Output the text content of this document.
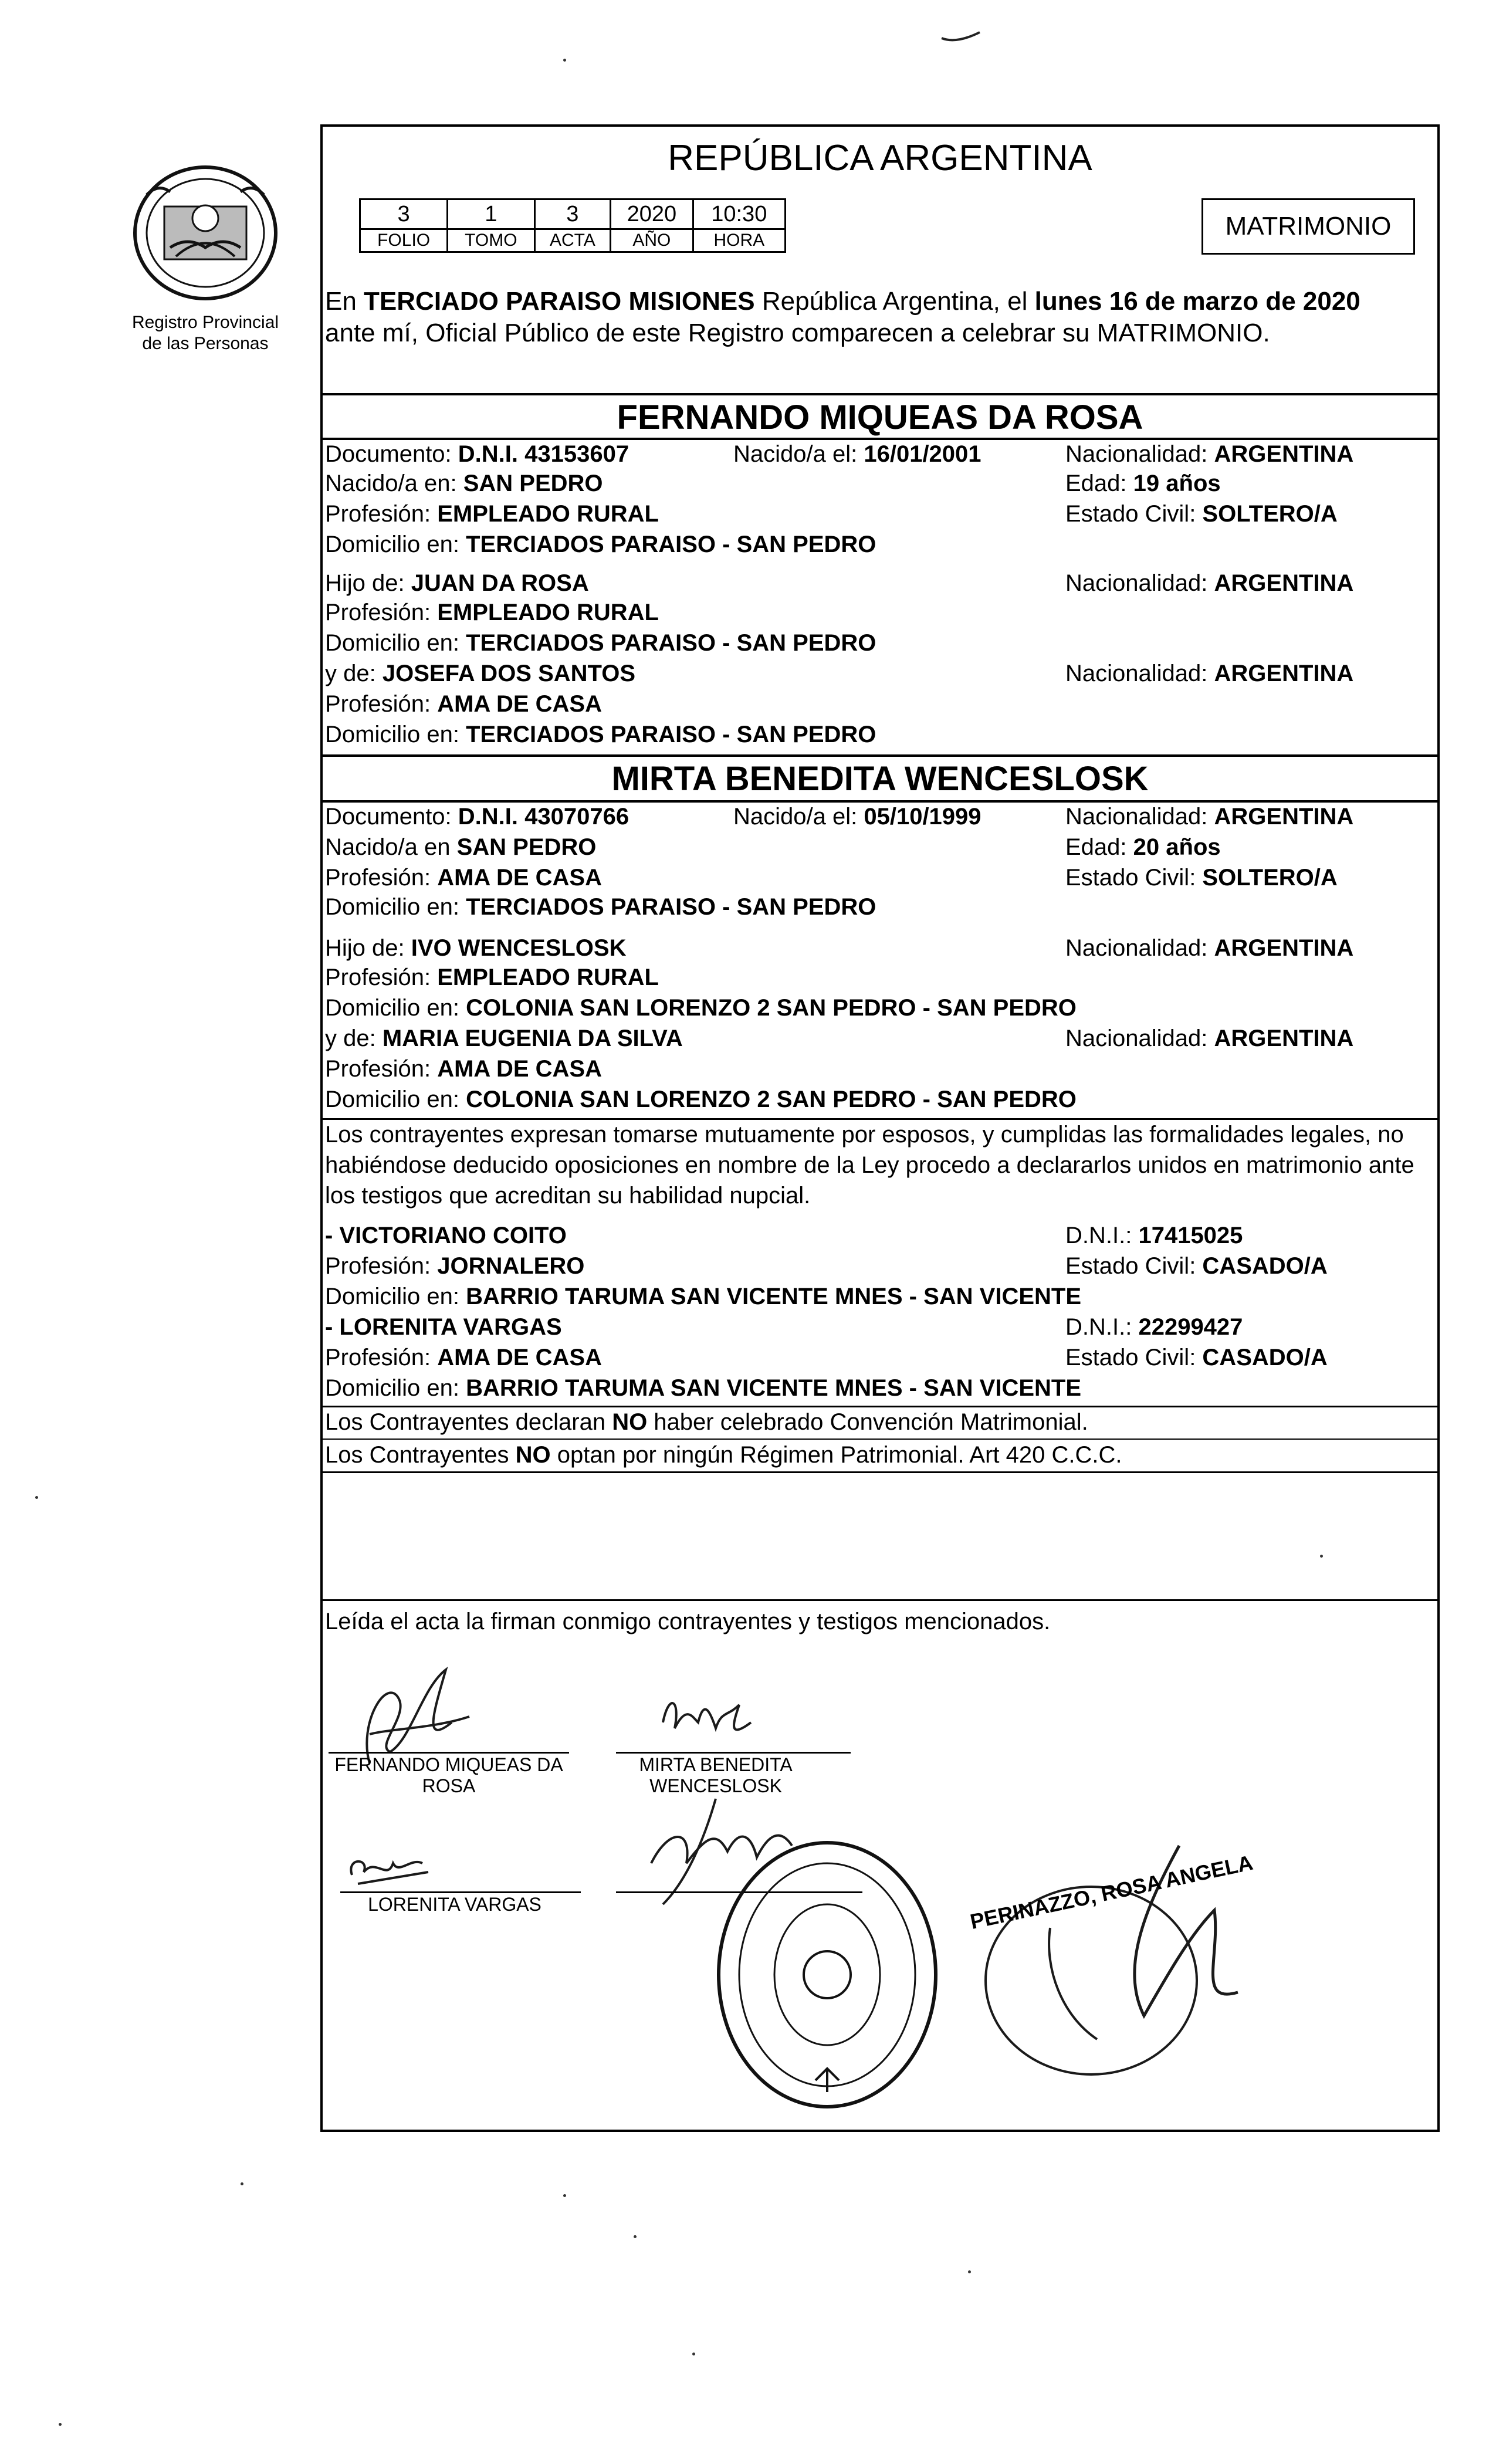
Registro Provincial
de las Personas
REPÚBLICA ARGENTINA
3	1	3	2020	10:30
FOLIO	TOMO	ACTA	AÑO	HORA	MATRIMONIO
En TERCIADO PARAISO MISIONES República Argentina, el lunes 16 de marzo de 2020
ante mí, Oficial Público de este Registro comparecen a celebrar su MATRIMONIO.
FERNANDO MIQUEAS DA ROSA
Documento: D.N.I. 43153607	Nacido/a el: 16/01/2001	Nacionalidad: ARGENTINA
Nacido/a en: SAN PEDRO	Edad: 19 años
Profesión: EMPLEADO RURAL	Estado Civil: SOLTERO/A
Domicilio en: TERCIADOS PARAISO - SAN PEDRO
Hijo de: JUAN DA ROSA	Nacionalidad: ARGENTINA
Profesión: EMPLEADO RURAL
Domicilio en: TERCIADOS PARAISO - SAN PEDRO
y de: JOSEFA DOS SANTOS	Nacionalidad: ARGENTINA
Profesión: AMA DE CASA
Domicilio en: TERCIADOS PARAISO - SAN PEDRO
MIRTA BENEDITA WENCESLOSK
Documento: D.N.I. 43070766	Nacido/a el: 05/10/1999	Nacionalidad: ARGENTINA
Nacido/a en SAN PEDRO	Edad: 20 años
Profesión: AMA DE CASA	Estado Civil: SOLTERO/A
Domicilio en: TERCIADOS PARAISO - SAN PEDRO
Hijo de: IVO WENCESLOSK	Nacionalidad: ARGENTINA
Profesión: EMPLEADO RURAL
Domicilio en: COLONIA SAN LORENZO 2 SAN PEDRO - SAN PEDRO
y de: MARIA EUGENIA DA SILVA	Nacionalidad: ARGENTINA
Profesión: AMA DE CASA
Domicilio en: COLONIA SAN LORENZO 2 SAN PEDRO - SAN PEDRO
Los contrayentes expresan tomarse mutuamente por esposos, y cumplidas las formalidades legales, no
habiéndose deducido oposiciones en nombre de la Ley procedo a declararlos unidos en matrimonio ante
los testigos que acreditan su habilidad nupcial.
- VICTORIANO COITO	D.N.I.: 17415025
Profesión: JORNALERO	Estado Civil: CASADO/A
Domicilio en: BARRIO TARUMA SAN VICENTE MNES - SAN VICENTE
- LORENITA VARGAS	D.N.I.: 22299427
Profesión: AMA DE CASA	Estado Civil: CASADO/A
Domicilio en: BARRIO TARUMA SAN VICENTE MNES - SAN VICENTE
Los Contrayentes declaran NO haber celebrado Convención Matrimonial.
Los Contrayentes NO optan por ningún Régimen Patrimonial. Art 420 C.C.C.
Leída el acta la firman conmigo contrayentes y testigos mencionados.
FERNANDO MIQUEAS DA
ROSA
MIRTA BENEDITA
WENCESLOSK
LORENITA VARGAS	PERINAZZO, ROSA ANGELA
